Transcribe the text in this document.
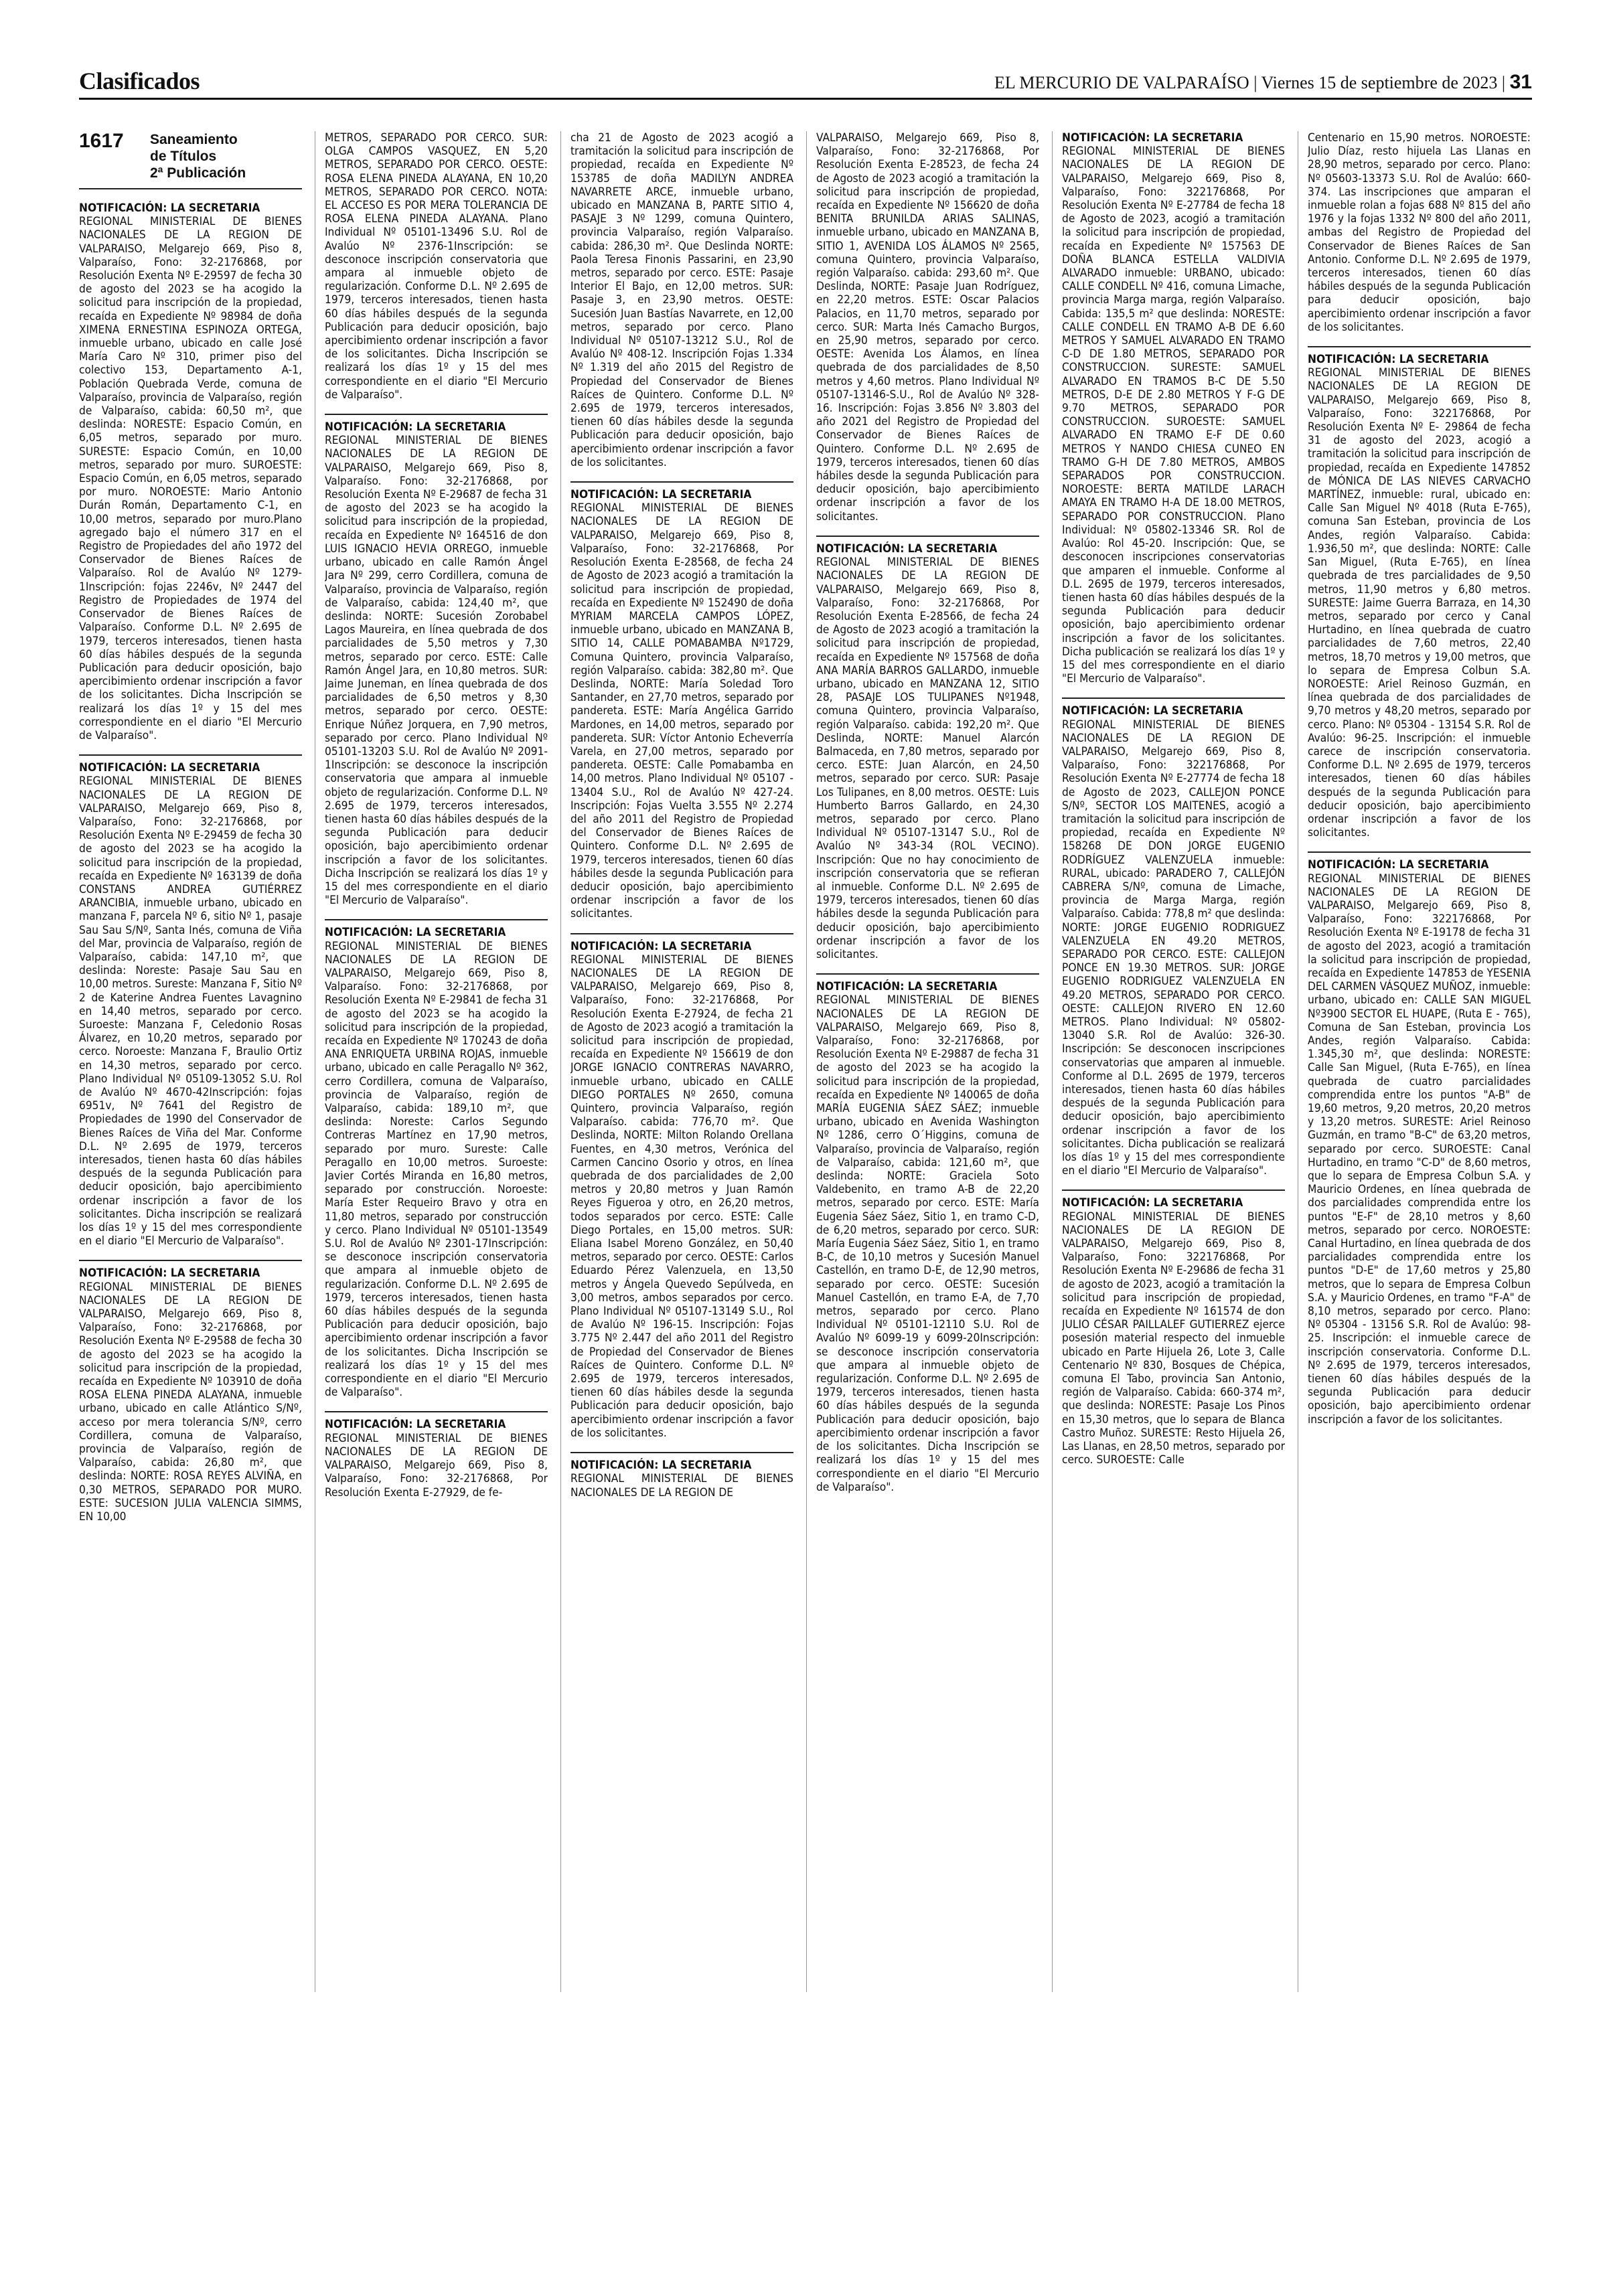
Clasificados	EL MERCURIO DE VALPARAÍSO | Viernes 15 de septiembre de 2023 | 31
1617	Saneamiento
de Títulos
2ª Publicación
NOTIFICACIÓN: LA SECRETARIA

REGIONAL MINISTERIAL DE BIENES NACIONALES DE LA REGION DE VALPARAISO, Melgarejo 669, Piso 8, Valparaíso, Fono: 32-2176868, por Resolución Exenta Nº E-29597 de fecha 30 de agosto del 2023 se ha acogido la solicitud para inscripción de la propiedad, recaída en Expediente Nº 98984 de doña XIMENA ERNESTINA ESPINOZA ORTEGA, inmueble urbano, ubicado en calle José María Caro Nº 310, primer piso del colectivo 153, Departamento A-1, Población Quebrada Verde, comuna de Valparaíso, provincia de Valparaíso, región de Valparaíso, cabida: 60,50 m², que deslinda: NORESTE: Espacio Común, en 6,05 metros, separado por muro. SURESTE: Espacio Común, en 10,00 metros, separado por muro. SUROESTE: Espacio Común, en 6,05 metros, separado por muro. NOROESTE: Mario Antonio Durán Román, Departamento C-1, en 10,00 metros, separado por muro.Plano agregado bajo el número 317 en el Registro de Propiedades del año 1972 del Conservador de Bienes Raíces de Valparaíso. Rol de Avalúo Nº 1279-1Inscripción: fojas 2246v, Nº 2447 del Registro de Propiedades de 1974 del Conservador de Bienes Raíces de Valparaíso. Conforme D.L. Nº 2.695 de 1979, terceros interesados, tienen hasta 60 días hábiles después de la segunda Publicación para deducir oposición, bajo apercibimiento ordenar inscripción a favor de los solicitantes. Dicha Inscripción se realizará los días 1º y 15 del mes correspondiente en el diario "El Mercurio de Valparaíso".

NOTIFICACIÓN: LA SECRETARIA

REGIONAL MINISTERIAL DE BIENES NACIONALES DE LA REGION DE VALPARAISO, Melgarejo 669, Piso 8, Valparaíso, Fono: 32-2176868, por Resolución Exenta Nº E-29459 de fecha 30 de agosto del 2023 se ha acogido la solicitud para inscripción de la propiedad, recaída en Expediente Nº 163139 de doña CONSTANS ANDREA GUTIÉRREZ ARANCIBIA, inmueble urbano, ubicado en manzana F, parcela Nº 6, sitio Nº 1, pasaje Sau Sau S/Nº, Santa Inés, comuna de Viña del Mar, provincia de Valparaíso, región de Valparaíso, cabida: 147,10 m², que deslinda: Noreste: Pasaje Sau Sau en 10,00 metros. Sureste: Manzana F, Sitio Nº 2 de Katerine Andrea Fuentes Lavagnino en 14,40 metros, separado por cerco. Suroeste: Manzana F, Celedonio Rosas Álvarez, en 10,20 metros, separado por cerco. Noroeste: Manzana F, Braulio Ortiz en 14,30 metros, separado por cerco. Plano Individual Nº 05109-13052 S.U. Rol de Avalúo Nº 4670-42Inscripción: fojas 6951v, Nº 7641 del Registro de Propiedades de 1990 del Conservador de Bienes Raíces de Viña del Mar. Conforme D.L. Nº 2.695 de 1979, terceros interesados, tienen hasta 60 días hábiles después de la segunda Publicación para deducir oposición, bajo apercibimiento ordenar inscripción a favor de los solicitantes. Dicha inscripción se realizará los días 1º y 15 del mes correspondiente en el diario "El Mercurio de Valparaíso".

NOTIFICACIÓN: LA SECRETARIA

REGIONAL MINISTERIAL DE BIENES NACIONALES DE LA REGION DE VALPARAISO, Melgarejo 669, Piso 8, Valparaíso, Fono: 32-2176868, por Resolución Exenta Nº E-29588 de fecha 30 de agosto del 2023 se ha acogido la solicitud para inscripción de la propiedad, recaída en Expediente Nº 103910 de doña ROSA ELENA PINEDA ALAYANA, inmueble urbano, ubicado en calle Atlántico S/Nº, acceso por mera tolerancia S/Nº, cerro Cordillera, comuna de Valparaíso, provincia de Valparaíso, región de Valparaíso, cabida: 26,80 m², que deslinda: NORTE: ROSA REYES ALVIÑA, en 0,30 METROS, SEPARADO POR MURO. ESTE: SUCESION JULIA VALENCIA SIMMS, EN 10,00

METROS, SEPARADO POR CERCO. SUR: OLGA CAMPOS VASQUEZ, EN 5,20 METROS, SEPARADO POR CERCO. OESTE: ROSA ELENA PINEDA ALAYANA, EN 10,20 METROS, SEPARADO POR CERCO. NOTA: EL ACCESO ES POR MERA TOLERANCIA DE ROSA ELENA PINEDA ALAYANA. Plano Individual Nº 05101-13496 S.U. Rol de Avalúo Nº 2376-1Inscripción: se desconoce inscripción conservatoria que ampara al inmueble objeto de regularización. Conforme D.L. Nº 2.695 de 1979, terceros interesados, tienen hasta 60 días hábiles después de la segunda Publicación para deducir oposición, bajo apercibimiento ordenar inscripción a favor de los solicitantes. Dicha Inscripción se realizará los días 1º y 15 del mes correspondiente en el diario "El Mercurio de Valparaíso".

NOTIFICACIÓN: LA SECRETARIA

REGIONAL MINISTERIAL DE BIENES NACIONALES DE LA REGION DE VALPARAISO, Melgarejo 669, Piso 8, Valparaíso. Fono: 32-2176868, por Resolución Exenta Nº E-29687 de fecha 31 de agosto del 2023 se ha acogido la solicitud para inscripción de la propiedad, recaída en Expediente Nº 164516 de don LUIS IGNACIO HEVIA ORREGO, inmueble urbano, ubicado en calle Ramón Ángel Jara Nº 299, cerro Cordillera, comuna de Valparaíso, provincia de Valparaíso, región de Valparaíso, cabida: 124,40 m², que deslinda: NORTE: Sucesión Zorobabel Lagos Maureira, en línea quebrada de dos parcialidades de 5,50 metros y 7,30 metros, separado por cerco. ESTE: Calle Ramón Ángel Jara, en 10,80 metros. SUR: Jaime Juneman, en línea quebrada de dos parcialidades de 6,50 metros y 8,30 metros, separado por cerco. OESTE: Enrique Núñez Jorquera, en 7,90 metros, separado por cerco. Plano Individual Nº 05101-13203 S.U. Rol de Avalúo Nº 2091-1Inscripción: se desconoce la inscripción conservatoria que ampara al inmueble objeto de regularización. Conforme D.L. Nº 2.695 de 1979, terceros interesados, tienen hasta 60 días hábiles después de la segunda Publicación para deducir oposición, bajo apercibimiento ordenar inscripción a favor de los solicitantes. Dicha Inscripción se realizará los días 1º y 15 del mes correspondiente en el diario "El Mercurio de Valparaíso".

NOTIFICACIÓN: LA SECRETARIA

REGIONAL MINISTERIAL DE BIENES NACIONALES DE LA REGION DE VALPARAISO, Melgarejo 669, Piso 8, Valparaíso. Fono: 32-2176868, por Resolución Exenta Nº E-29841 de fecha 31 de agosto del 2023 se ha acogido la solicitud para inscripción de la propiedad, recaída en Expediente Nº 170243 de doña ANA ENRIQUETA URBINA ROJAS, inmueble urbano, ubicado en calle Peragallo Nº 362, cerro Cordillera, comuna de Valparaíso, provincia de Valparaíso, región de Valparaíso, cabida: 189,10 m², que deslinda: Noreste: Carlos Segundo Contreras Martínez en 17,90 metros, separado por muro. Sureste: Calle Peragallo en 10,00 metros. Suroeste: Javier Cortés Miranda en 16,80 metros, separado por construcción. Noroeste: María Ester Requeiro Bravo y otra en 11,80 metros, separado por construcción y cerco. Plano Individual Nº 05101-13549 S.U. Rol de Avalúo Nº 2301-17Inscripción: se desconoce inscripción conservatoria que ampara al inmueble objeto de regularización. Conforme D.L. Nº 2.695 de 1979, terceros interesados, tienen hasta 60 días hábiles después de la segunda Publicación para deducir oposición, bajo apercibimiento ordenar inscripción a favor de los solicitantes. Dicha Inscripción se realizará los días 1º y 15 del mes correspondiente en el diario "El Mercurio de Valparaíso".

NOTIFICACIÓN: LA SECRETARIA

REGIONAL MINISTERIAL DE BIENES NACIONALES DE LA REGION DE VALPARAISO, Melgarejo 669, Piso 8, Valparaíso, Fono: 32-2176868, Por Resolución Exenta E-27929, de fe-

cha 21 de Agosto de 2023 acogió a tramitación la solicitud para inscripción de propiedad, recaída en Expediente Nº 153785 de doña MADILYN ANDREA NAVARRETE ARCE, inmueble urbano, ubicado en MANZANA B, PARTE SITIO 4, PASAJE 3 Nº 1299, comuna Quintero, provincia Valparaíso, región Valparaíso. cabida: 286,30 m². Que Deslinda NORTE: Paola Teresa Finonis Passarini, en 23,90 metros, separado por cerco. ESTE: Pasaje Interior El Bajo, en 12,00 metros. SUR: Pasaje 3, en 23,90 metros. OESTE: Sucesión Juan Bastías Navarrete, en 12,00 metros, separado por cerco. Plano Individual Nº 05107-13212 S.U., Rol de Avalúo Nº 408-12. Inscripción Fojas 1.334 Nº 1.319 del año 2015 del Registro de Propiedad del Conservador de Bienes Raíces de Quintero. Conforme D.L. Nº 2.695 de 1979, terceros interesados, tienen 60 días hábiles desde la segunda Publicación para deducir oposición, bajo apercibimiento ordenar inscripción a favor de los solicitantes.

NOTIFICACIÓN: LA SECRETARIA

REGIONAL MINISTERIAL DE BIENES NACIONALES DE LA REGION DE VALPARAISO, Melgarejo 669, Piso 8, Valparaíso, Fono: 32-2176868, Por Resolución Exenta E-28568, de fecha 24 de Agosto de 2023 acogió a tramitación la solicitud para inscripción de propiedad, recaída en Expediente Nº 152490 de doña MYRIAM MARCELA CAMPOS LÓPEZ, inmueble urbano, ubicado en MANZANA B, SITIO 14, CALLE POMABAMBA Nº1729, Comuna Quintero, provincia Valparaíso, región Valparaíso. cabida: 382,80 m². Que Deslinda, NORTE: María Soledad Toro Santander, en 27,70 metros, separado por pandereta. ESTE: María Angélica Garrido Mardones, en 14,00 metros, separado por pandereta. SUR: Víctor Antonio Echeverría Varela, en 27,00 metros, separado por pandereta. OESTE: Calle Pomabamba en 14,00 metros. Plano Individual Nº 05107 - 13404 S.U., Rol de Avalúo Nº 427-24. Inscripción: Fojas Vuelta 3.555 Nº 2.274 del año 2011 del Registro de Propiedad del Conservador de Bienes Raíces de Quintero. Conforme D.L. Nº 2.695 de 1979, terceros interesados, tienen 60 días hábiles desde la segunda Publicación para deducir oposición, bajo apercibimiento ordenar inscripción a favor de los solicitantes.

NOTIFICACIÓN: LA SECRETARIA

REGIONAL MINISTERIAL DE BIENES NACIONALES DE LA REGION DE VALPARAISO, Melgarejo 669, Piso 8, Valparaíso, Fono: 32-2176868, Por Resolución Exenta E-27924, de fecha 21 de Agosto de 2023 acogió a tramitación la solicitud para inscripción de propiedad, recaída en Expediente Nº 156619 de don JORGE IGNACIO CONTRERAS NAVARRO, inmueble urbano, ubicado en CALLE DIEGO PORTALES Nº 2650, comuna Quintero, provincia Valparaíso, región Valparaíso. cabida: 776,70 m². Que Deslinda, NORTE: Milton Rolando Orellana Fuentes, en 4,30 metros, Verónica del Carmen Cancino Osorio y otros, en línea quebrada de dos parcialidades de 2,00 metros y 20,80 metros y Juan Ramón Reyes Figueroa y otro, en 26,20 metros, todos separados por cerco. ESTE: Calle Diego Portales, en 15,00 metros. SUR: Eliana Isabel Moreno González, en 50,40 metros, separado por cerco. OESTE: Carlos Eduardo Pérez Valenzuela, en 13,50 metros y Ángela Quevedo Sepúlveda, en 3,00 metros, ambos separados por cerco. Plano Individual Nº 05107-13149 S.U., Rol de Avalúo Nº 196-15. Inscripción: Fojas 3.775 Nº 2.447 del año 2011 del Registro de Propiedad del Conservador de Bienes Raíces de Quintero. Conforme D.L. Nº 2.695 de 1979, terceros interesados, tienen 60 días hábiles desde la segunda Publicación para deducir oposición, bajo apercibimiento ordenar inscripción a favor de los solicitantes.

NOTIFICACIÓN: LA SECRETARIA

REGIONAL MINISTERIAL DE BIENES NACIONALES DE LA REGION DE

VALPARAISO, Melgarejo 669, Piso 8, Valparaíso, Fono: 32-2176868, Por Resolución Exenta E-28523, de fecha 24 de Agosto de 2023 acogió a tramitación la solicitud para inscripción de propiedad, recaída en Expediente Nº 156620 de doña BENITA BRUNILDA ARIAS SALINAS, inmueble urbano, ubicado en MANZANA B, SITIO 1, AVENIDA LOS ÁLAMOS Nº 2565, comuna Quintero, provincia Valparaíso, región Valparaíso. cabida: 293,60 m². Que Deslinda, NORTE: Pasaje Juan Rodríguez, en 22,20 metros. ESTE: Oscar Palacios Palacios, en 11,70 metros, separado por cerco. SUR: Marta Inés Camacho Burgos, en 25,90 metros, separado por cerco. OESTE: Avenida Los Álamos, en línea quebrada de dos parcialidades de 8,50 metros y 4,60 metros. Plano Individual Nº 05107-13146-S.U., Rol de Avalúo Nº 328-16. Inscripción: Fojas 3.856 Nº 3.803 del año 2021 del Registro de Propiedad del Conservador de Bienes Raíces de Quintero. Conforme D.L. Nº 2.695 de 1979, terceros interesados, tienen 60 días hábiles desde la segunda Publicación para deducir oposición, bajo apercibimiento ordenar inscripción a favor de los solicitantes.

NOTIFICACIÓN: LA SECRETARIA

REGIONAL MINISTERIAL DE BIENES NACIONALES DE LA REGION DE VALPARAISO, Melgarejo 669, Piso 8, Valparaíso, Fono: 32-2176868, Por Resolución Exenta E-28566, de fecha 24 de Agosto de 2023 acogió a tramitación la solicitud para inscripción de propiedad, recaída en Expediente Nº 157568 de doña ANA MARÍA BARROS GALLARDO, inmueble urbano, ubicado en MANZANA 12, SITIO 28, PASAJE LOS TULIPANES Nº1948, comuna Quintero, provincia Valparaíso, región Valparaíso. cabida: 192,20 m². Que Deslinda, NORTE: Manuel Alarcón Balmaceda, en 7,80 metros, separado por cerco. ESTE: Juan Alarcón, en 24,50 metros, separado por cerco. SUR: Pasaje Los Tulipanes, en 8,00 metros. OESTE: Luis Humberto Barros Gallardo, en 24,30 metros, separado por cerco. Plano Individual Nº 05107-13147 S.U., Rol de Avalúo Nº 343-34 (ROL VECINO). Inscripción: Que no hay conocimiento de inscripción conservatoria que se refieran al inmueble. Conforme D.L. Nº 2.695 de 1979, terceros interesados, tienen 60 días hábiles desde la segunda Publicación para deducir oposición, bajo apercibimiento ordenar inscripción a favor de los solicitantes.

NOTIFICACIÓN: LA SECRETARIA

REGIONAL MINISTERIAL DE BIENES NACIONALES DE LA REGION DE VALPARAISO, Melgarejo 669, Piso 8, Valparaíso, Fono: 32-2176868, por Resolución Exenta Nº E-29887 de fecha 31 de agosto del 2023 se ha acogido la solicitud para inscripción de la propiedad, recaída en Expediente Nº 140065 de doña MARÍA EUGENIA SÁEZ SÁEZ; inmueble urbano, ubicado en Avenida Washington Nº 1286, cerro O´Higgins, comuna de Valparaíso, provincia de Valparaíso, región de Valparaíso, cabida: 121,60 m², que deslinda: NORTE: Graciela Soto Valdebenito, en tramo A-B de 22,20 metros, separado por cerco. ESTE: María Eugenia Sáez Sáez, Sitio 1, en tramo C-D, de 6,20 metros, separado por cerco. SUR: María Eugenia Sáez Sáez, Sitio 1, en tramo B-C, de 10,10 metros y Sucesión Manuel Castellón, en tramo D-E, de 12,90 metros, separado por cerco. OESTE: Sucesión Manuel Castellón, en tramo E-A, de 7,70 metros, separado por cerco. Plano Individual Nº 05101-12110 S.U. Rol de Avalúo Nº 6099-19 y 6099-20Inscripción: se desconoce inscripción conservatoria que ampara al inmueble objeto de regularización. Conforme D.L. Nº 2.695 de 1979, terceros interesados, tienen hasta 60 días hábiles después de la segunda Publicación para deducir oposición, bajo apercibimiento ordenar inscripción a favor de los solicitantes. Dicha Inscripción se realizará los días 1º y 15 del mes correspondiente en el diario "El Mercurio de Valparaíso".

NOTIFICACIÓN: LA SECRETARIA

REGIONAL MINISTERIAL DE BIENES NACIONALES DE LA REGION DE VALPARAISO, Melgarejo 669, Piso 8, Valparaíso, Fono: 322176868, Por Resolución Exenta Nº E-27784 de fecha 18 de Agosto de 2023, acogió a tramitación la solicitud para inscripción de propiedad, recaída en Expediente Nº 157563 DE DOÑA BLANCA ESTELLA VALDIVIA ALVARADO inmueble: URBANO, ubicado: CALLE CONDELL Nº 416, comuna Limache, provincia Marga marga, región Valparaíso. Cabida: 135,5 m² que deslinda: NORESTE: CALLE CONDELL EN TRAMO A-B DE 6.60 METROS Y SAMUEL ALVARADO EN TRAMO C-D DE 1.80 METROS, SEPARADO POR CONSTRUCCION. SURESTE: SAMUEL ALVARADO EN TRAMOS B-C DE 5.50 METROS, D-E DE 2.80 METROS Y F-G DE 9.70 METROS, SEPARADO POR CONSTRUCCION. SUROESTE: SAMUEL ALVARADO EN TRAMO E-F DE 0.60 METROS Y NANDO CHIESA CUNEO EN TRAMO G-H DE 7.80 METROS, AMBOS SEPARADOS POR CONSTRUCCION. NOROESTE: BERTA MATILDE LARACH AMAYA EN TRAMO H-A DE 18.00 METROS, SEPARADO POR CONSTRUCCION. Plano Individual: Nº 05802-13346 SR. Rol de Avalúo: Rol 45-20. Inscripción: Que, se desconocen inscripciones conservatorias que amparen el inmueble. Conforme al D.L. 2695 de 1979, terceros interesados, tienen hasta 60 días hábiles después de la segunda Publicación para deducir oposición, bajo apercibimiento ordenar inscripción a favor de los solicitantes. Dicha publicación se realizará los días 1º y 15 del mes correspondiente en el diario "El Mercurio de Valparaíso".

NOTIFICACIÓN: LA SECRETARIA

REGIONAL MINISTERIAL DE BIENES NACIONALES DE LA REGION DE VALPARAISO, Melgarejo 669, Piso 8, Valparaíso, Fono: 322176868, Por Resolución Exenta Nº E-27774 de fecha 18 de Agosto de 2023, CALLEJON PONCE S/Nº, SECTOR LOS MAITENES, acogió a tramitación la solicitud para inscripción de propiedad, recaída en Expediente Nº 158268 DE DON JORGE EUGENIO RODRÍGUEZ VALENZUELA inmueble: RURAL, ubicado: PARADERO 7, CALLEJÓN CABRERA S/Nº, comuna de Limache, provincia de Marga Marga, región Valparaíso. Cabida: 778,8 m² que deslinda: NORTE: JORGE EUGENIO RODRIGUEZ VALENZUELA EN 49.20 METROS, SEPARADO POR CERCO. ESTE: CALLEJON PONCE EN 19.30 METROS. SUR: JORGE EUGENIO RODRIGUEZ VALENZUELA EN 49.20 METROS, SEPARADO POR CERCO. OESTE: CALLEJON RIVERO EN 12.60 METROS. Plano Individual: Nº 05802-13040 S.R. Rol de Avalúo: 326-30. Inscripción: Se desconocen inscripciones conservatorias que amparen al inmueble. Conforme al D.L. 2695 de 1979, terceros interesados, tienen hasta 60 días hábiles después de la segunda Publicación para deducir oposición, bajo apercibimiento ordenar inscripción a favor de los solicitantes. Dicha publicación se realizará los días 1º y 15 del mes correspondiente en el diario "El Mercurio de Valparaíso".

NOTIFICACIÓN: LA SECRETARIA

REGIONAL MINISTERIAL DE BIENES NACIONALES DE LA REGION DE VALPARAISO, Melgarejo 669, Piso 8, Valparaíso, Fono: 322176868, Por Resolución Exenta Nº E-29686 de fecha 31 de agosto de 2023, acogió a tramitación la solicitud para inscripción de propiedad, recaída en Expediente Nº 161574 de don JULIO CÉSAR PAILLALEF GUTIERREZ ejerce posesión material respecto del inmueble ubicado en Parte Hijuela 26, Lote 3, Calle Centenario Nº 830, Bosques de Chépica, comuna El Tabo, provincia San Antonio, región de Valparaíso. Cabida: 660-374 m², que deslinda: NORESTE: Pasaje Los Pinos en 15,30 metros, que lo separa de Blanca Castro Muñoz. SURESTE: Resto Hijuela 26, Las Llanas, en 28,50 metros, separado por cerco. SUROESTE: Calle

Centenario en 15,90 metros. NOROESTE: Julio Díaz, resto hijuela Las Llanas en 28,90 metros, separado por cerco. Plano: Nº 05603-13373 S.U. Rol de Avalúo: 660-374. Las inscripciones que amparan el inmueble rolan a fojas 688 Nº 815 del año 1976 y la fojas 1332 Nº 800 del año 2011, ambas del Registro de Propiedad del Conservador de Bienes Raíces de San Antonio. Conforme D.L. Nº 2.695 de 1979, terceros interesados, tienen 60 días hábiles después de la segunda Publicación para deducir oposición, bajo apercibimiento ordenar inscripción a favor de los solicitantes.

NOTIFICACIÓN: LA SECRETARIA

REGIONAL MINISTERIAL DE BIENES NACIONALES DE LA REGION DE VALPARAISO, Melgarejo 669, Piso 8, Valparaíso, Fono: 322176868, Por Resolución Exenta Nº E- 29864 de fecha 31 de agosto del 2023, acogió a tramitación la solicitud para inscripción de propiedad, recaída en Expediente 147852 de MÓNICA DE LAS NIEVES CARVACHO MARTÍNEZ, inmueble: rural, ubicado en: Calle San Miguel Nº 4018 (Ruta E-765), comuna San Esteban, provincia de Los Andes, región Valparaíso. Cabida: 1.936,50 m², que deslinda: NORTE: Calle San Miguel, (Ruta E-765), en línea quebrada de tres parcialidades de 9,50 metros, 11,90 metros y 6,80 metros. SURESTE: Jaime Guerra Barraza, en 14,30 metros, separado por cerco y Canal Hurtadino, en línea quebrada de cuatro parcialidades de 7,60 metros, 22,40 metros, 18,70 metros y 19,00 metros, que lo separa de Empresa Colbun S.A. NOROESTE: Ariel Reinoso Guzmán, en línea quebrada de dos parcialidades de 9,70 metros y 48,20 metros, separado por cerco. Plano: Nº 05304 - 13154 S.R. Rol de Avalúo: 96-25. Inscripción: el inmueble carece de inscripción conservatoria. Conforme D.L. Nº 2.695 de 1979, terceros interesados, tienen 60 días hábiles después de la segunda Publicación para deducir oposición, bajo apercibimiento ordenar inscripción a favor de los solicitantes.

NOTIFICACIÓN: LA SECRETARIA

REGIONAL MINISTERIAL DE BIENES NACIONALES DE LA REGION DE VALPARAISO, Melgarejo 669, Piso 8, Valparaíso, Fono: 322176868, Por Resolución Exenta Nº E-19178 de fecha 31 de agosto del 2023, acogió a tramitación la solicitud para inscripción de propiedad, recaída en Expediente 147853 de YESENIA DEL CARMEN VÁSQUEZ MUÑOZ, inmueble: urbano, ubicado en: CALLE SAN MIGUEL Nº3900 SECTOR EL HUAPE, (Ruta E - 765), Comuna de San Esteban, provincia Los Andes, región Valparaíso. Cabida: 1.345,30 m², que deslinda: NORESTE: Calle San Miguel, (Ruta E-765), en línea quebrada de cuatro parcialidades comprendida entre los puntos "A-B" de 19,60 metros, 9,20 metros, 20,20 metros y 13,20 metros. SURESTE: Ariel Reinoso Guzmán, en tramo "B-C" de 63,20 metros, separado por cerco. SUROESTE: Canal Hurtadino, en tramo "C-D" de 8,60 metros, que lo separa de Empresa Colbun S.A. y Mauricio Ordenes, en línea quebrada de dos parcialidades comprendida entre los puntos "E-F" de 28,10 metros y 8,60 metros, separado por cerco. NOROESTE: Canal Hurtadino, en línea quebrada de dos parcialidades comprendida entre los puntos "D-E" de 17,60 metros y 25,80 metros, que lo separa de Empresa Colbun S.A. y Mauricio Ordenes, en tramo "F-A" de 8,10 metros, separado por cerco. Plano: Nº 05304 - 13156 S.R. Rol de Avalúo: 98-25. Inscripción: el inmueble carece de inscripción conservatoria. Conforme D.L. Nº 2.695 de 1979, terceros interesados, tienen 60 días hábiles después de la segunda Publicación para deducir oposición, bajo apercibimiento ordenar inscripción a favor de los solicitantes.
